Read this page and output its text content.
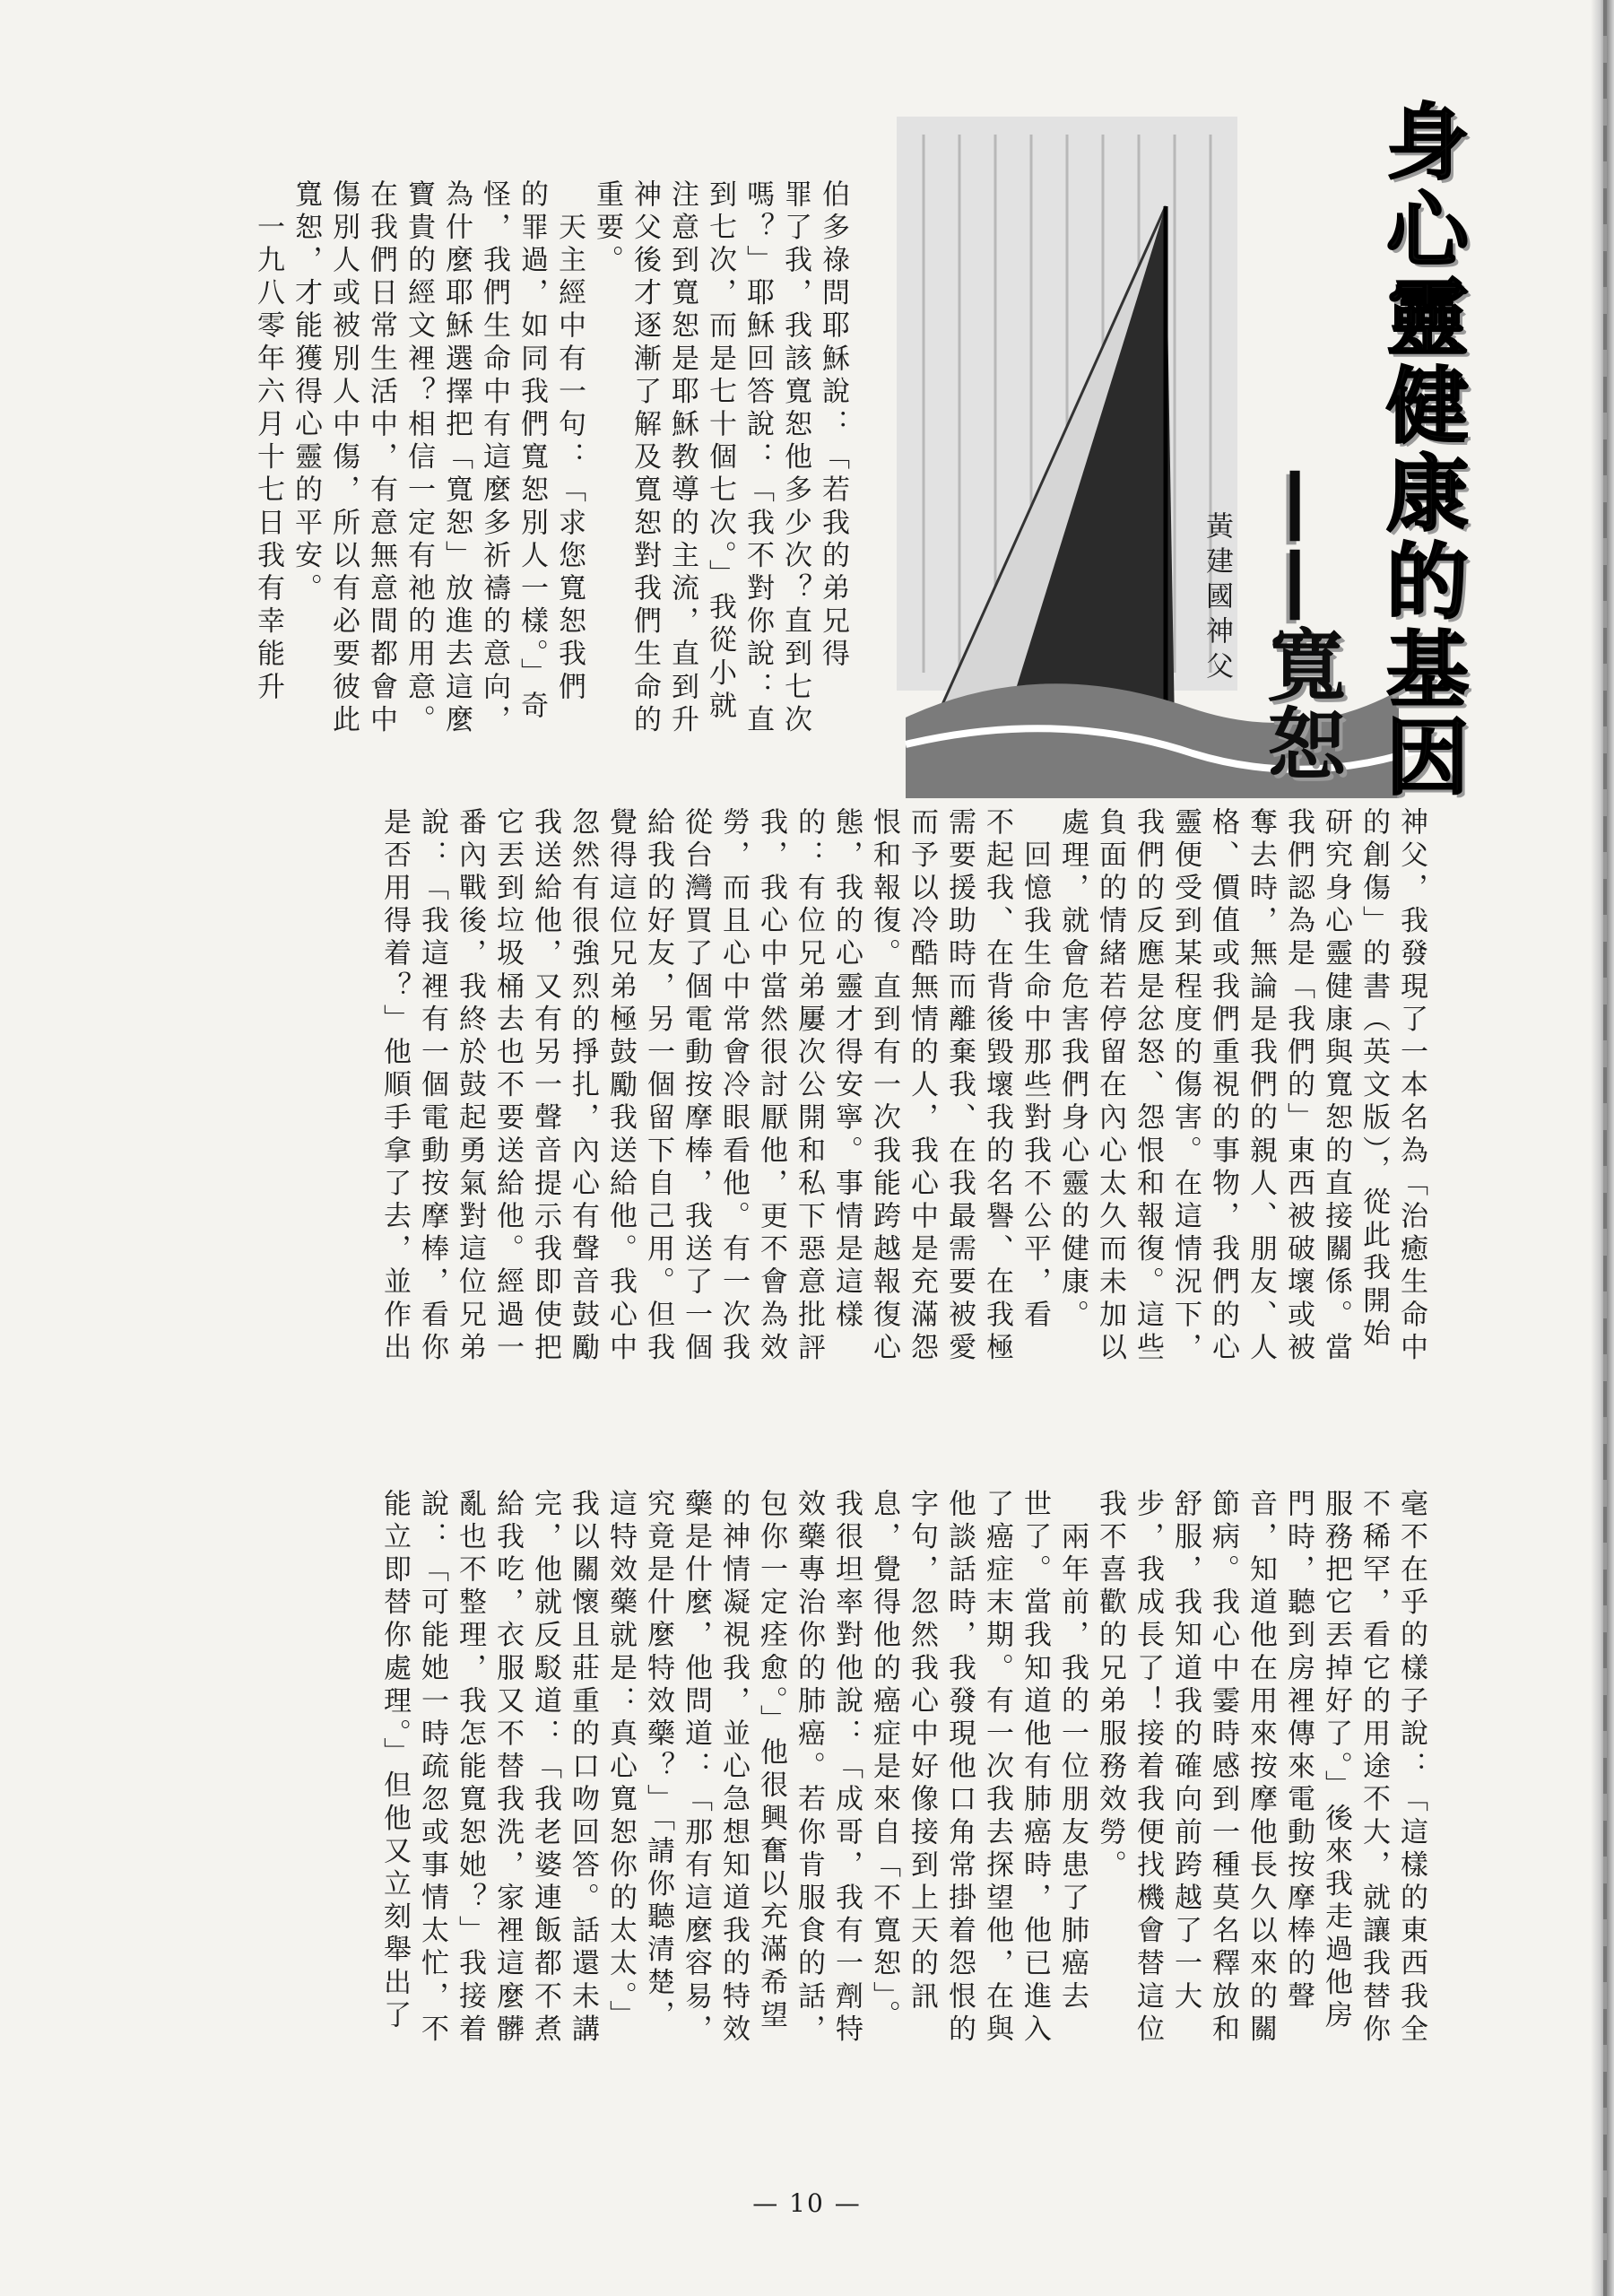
身心靈健康的基因
——寬恕
黃建國神父
伯多祿問耶穌說：「若我的弟兄得
罪了我，我該寬恕他多少次？直到七次
嗎？」耶穌回答說：「我不對你說：直
到七次，而是七十個七次。」我從小就
注意到寬恕是耶穌教導的主流，直到升
神父後才逐漸了解及寬恕對我們生命的
重要。
　天主經中有一句：「求您寬恕我們
的罪過，如同我們寬恕別人一樣。」奇
怪，我們生命中有這麼多祈禱的意向，
為什麼耶穌選擇把「寬恕」放進去這麼
寶貴的經文裡？相信一定有祂的用意。
在我們日常生活中，有意無意間都會中
傷別人或被別人中傷，所以有必要彼此
寬恕，才能獲得心靈的平安。
　一九八零年六月十七日我有幸能升
神父，我發現了一本名為「治癒生命中
的創傷」的書（英文版），從此我開始
研究身心靈健康與寬恕的直接關係。當
我們認為是「我們的」東西被破壞或被
奪去時，無論是我們的親人、朋友、人
格、價值或我們重視的事物，我們的心
靈便受到某程度的傷害。在這情況下，
我們的反應是忿怒、怨恨和報復。這些
負面的情緒若停留在內心太久而未加以
處理，就會危害我們身心靈的健康。
　回憶我生命中那些對我不公平，看
不起我、在背後毀壞我的名譽、在我極
需要援助時而離棄我、在我最需要被愛
而予以冷酷無情的人，我心中是充滿怨
恨和報復。直到有一次我能跨越報復心
態，我的心靈才得安寧。事情是這樣
的：有位兄弟屢次公開和私下惡意批評
我，我心中當然很討厭他，更不會為效
勞，而且心中常會冷眼看他。有一次我
從台灣買了個電動按摩棒，我送了一個
給我的好友，另一個留下自己用。但我
覺得這位兄弟極鼓勵我送給他。我心中
忽然有很強烈的掙扎，內心有聲音鼓勵
我送給他，又有另一聲音提示我即使把
它丟到垃圾桶去也不要送給他。經過一
番內戰後，我終於鼓起勇氣對這位兄弟
說：「我這裡有一個電動按摩棒，看你
是否用得着？」他順手拿了去，並作出
毫不在乎的樣子說：「這樣的東西我全
不稀罕，看它的用途不大，就讓我替你
服務把它丟掉好了。」後來我走過他房
門時，聽到房裡傳來電動按摩棒的聲
音，知道他在用來按摩他長久以來的關
節病。我心中霎時感到一種莫名釋放和
舒服，我知道我的確向前跨越了一大
步，我成長了！接着我便找機會替這位
我不喜歡的兄弟服務效勞。
　兩年前，我的一位朋友患了肺癌去
世了。當我知道他有肺癌時，他已進入
了癌症末期。有一次我去探望他，在與
他談話時，我發現他口角常掛着怨恨的
字句，忽然我心中好像接到上天的訊
息，覺得他的癌症是來自「不寬恕」。
我很坦率對他說：「成哥，我有一劑特
效藥專治你的肺癌。若你肯服食的話，
包你一定痊愈。」他很興奮以充滿希望
的神情凝視我，並心急想知道我的特效
藥是什麼，他問道：「那有這麼容易，
究竟是什麼特效藥？」「請你聽清楚，
這特效藥就是：真心寬恕你的太太。」
我以關懷且莊重的口吻回答。話還未講
完，他就反駁道：「我老婆連飯都不煮
給我吃，衣服又不替我洗，家裡這麼髒
亂也不整理，我怎能寬恕她？」我接着
說：「可能她一時疏忽或事情太忙，不
能立即替你處理。」但他又立刻舉出了
— 10 —
